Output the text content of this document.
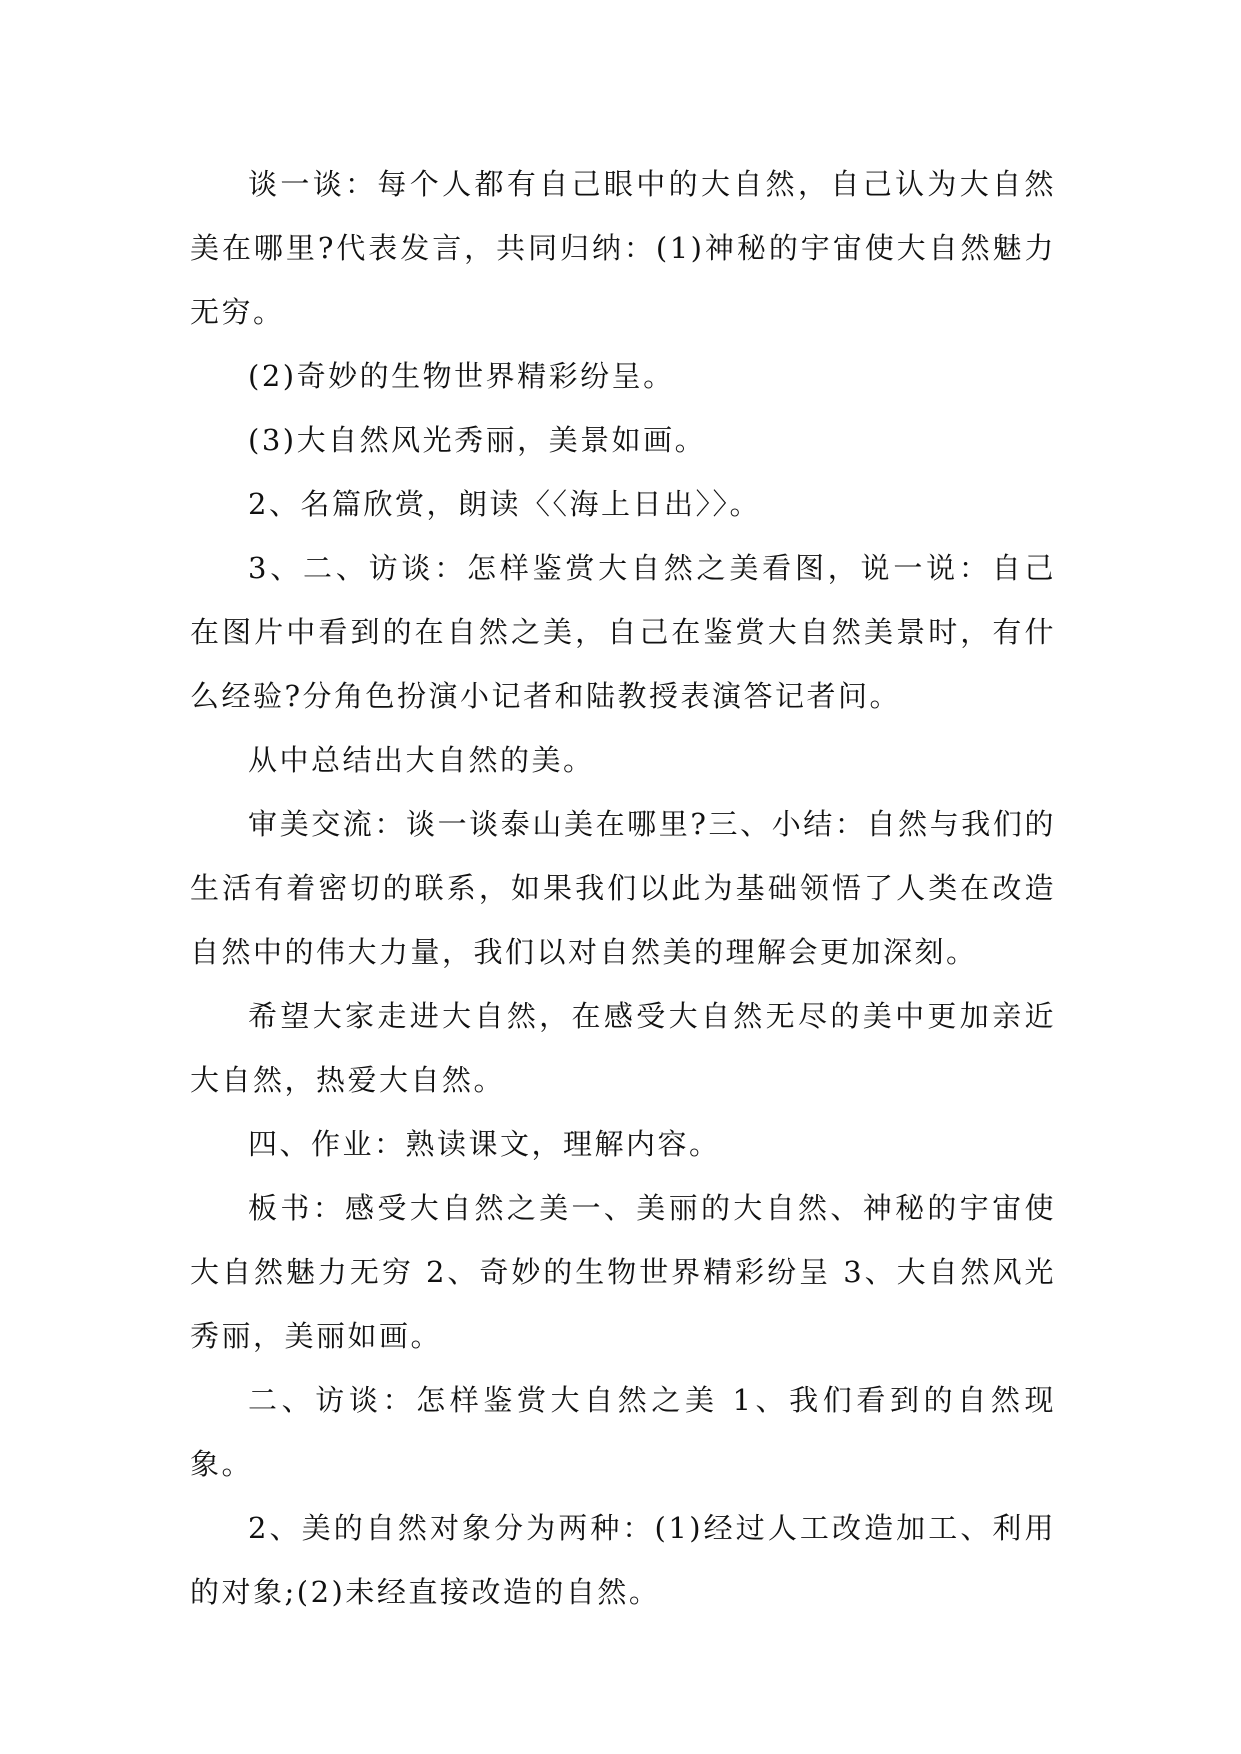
谈一谈：每个人都有自己眼中的大自然，自己认为大自然美在哪里?代表发言，共同归纳：(1)神秘的宇宙使大自然魅力无穷。

(2)奇妙的生物世界精彩纷呈。

(3)大自然风光秀丽，美景如画。

2、名篇欣赏，朗读〈〈海上日出〉〉。

3、二、访谈：怎样鉴赏大自然之美看图，说一说：自己在图片中看到的在自然之美，自己在鉴赏大自然美景时，有什么经验?分角色扮演小记者和陆教授表演答记者问。

从中总结出大自然的美。

审美交流：谈一谈泰山美在哪里?三、小结：自然与我们的生活有着密切的联系，如果我们以此为基础领悟了人类在改造自然中的伟大力量，我们以对自然美的理解会更加深刻。

希望大家走进大自然，在感受大自然无尽的美中更加亲近大自然，热爱大自然。

四、作业：熟读课文，理解内容。

板书：感受大自然之美一、美丽的大自然、神秘的宇宙使大自然魅力无穷 2、奇妙的生物世界精彩纷呈 3、大自然风光秀丽，美丽如画。

二、访谈：怎样鉴赏大自然之美 1、我们看到的自然现象。

2、美的自然对象分为两种：(1)经过人工改造加工、利用的对象;(2)未经直接改造的自然。
